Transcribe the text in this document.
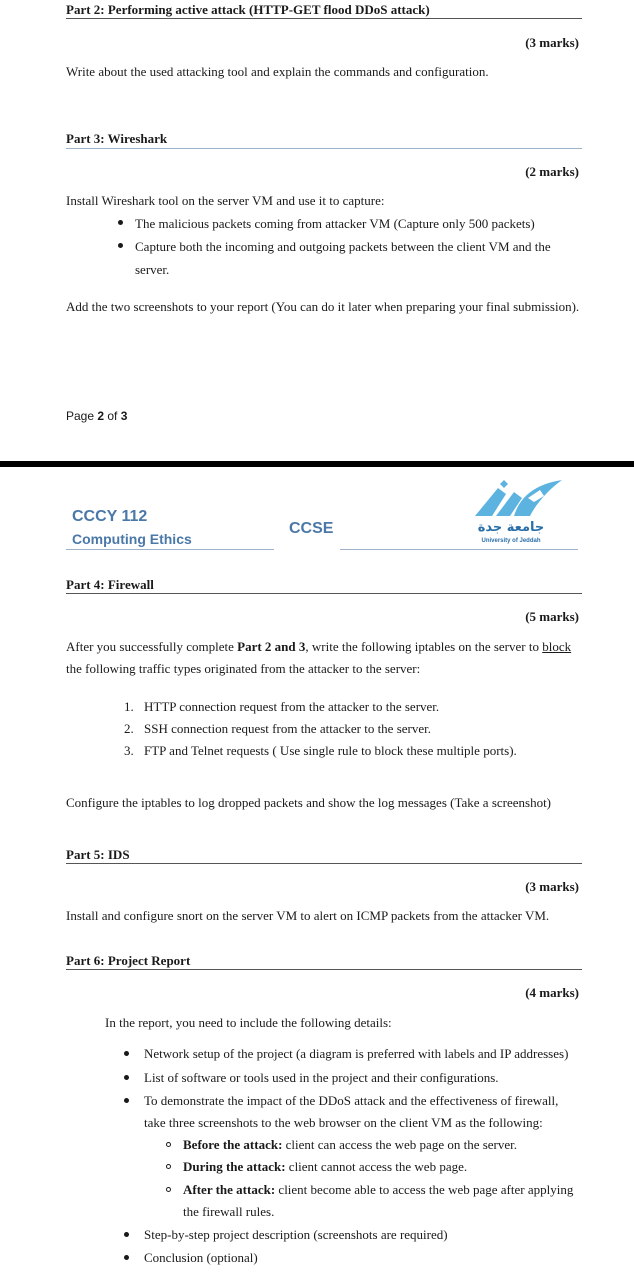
Part 2: Performing active attack (HTTP-GET flood DDoS attack)
(3 marks)
Write about the used attacking tool and explain the commands and configuration.
Part 3: Wireshark
(2 marks)
Install Wireshark tool on the server VM and use it to capture:
The malicious packets coming from attacker VM (Capture only 500 packets)
Capture both the incoming and outgoing packets between the client VM and the
server.
Add the two screenshots to your report (You can do it later when preparing your final submission).
Page 2 of 3
CCCY 112
Computing Ethics
CCSE	جامعة جدة
University of Jeddah
Part 4: Firewall
(5 marks)
After you successfully complete Part 2 and 3, write the following iptables on the server to block
the following traffic types originated from the attacker to the server:
1. HTTP connection request from the attacker to the server.
2. SSH connection request from the attacker to the server.
3. FTP and Telnet requests ( Use single rule to block these multiple ports).
Configure the iptables to log dropped packets and show the log messages (Take a screenshot)
Part 5: IDS
(3 marks)
Install and configure snort on the server VM to alert on ICMP packets from the attacker VM.
Part 6: Project Report
(4 marks)
In the report, you need to include the following details:
Network setup of the project (a diagram is preferred with labels and IP addresses)
List of software or tools used in the project and their configurations.
To demonstrate the impact of the DDoS attack and the effectiveness of firewall,
take three screenshots to the web browser on the client VM as the following:
Before the attack: client can access the web page on the server.
During the attack: client cannot access the web page.
After the attack: client become able to access the web page after applying
the firewall rules.
Step-by-step project description (screenshots are required)
Conclusion (optional)
